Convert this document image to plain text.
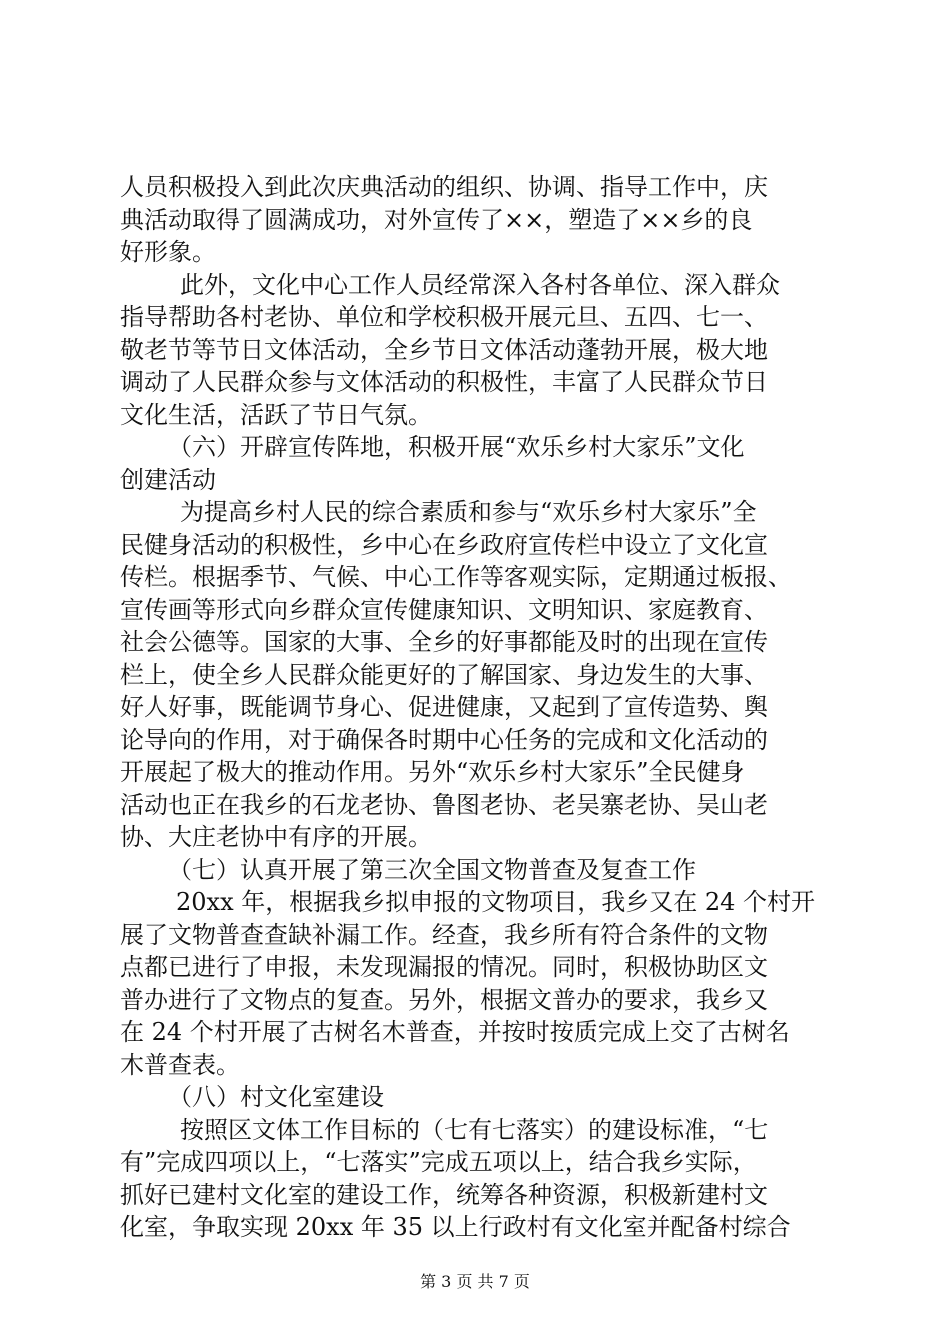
人员积极投入到此次庆典活动的组织、协调、指导工作中，庆
典活动取得了圆满成功，对外宣传了××，塑造了××乡的良
好形象。
此外，文化中心工作人员经常深入各村各单位、深入群众
指导帮助各村老协、单位和学校积极开展元旦、五四、七一、
敬老节等节日文体活动，全乡节日文体活动蓬勃开展，极大地
调动了人民群众参与文体活动的积极性，丰富了人民群众节日
文化生活，活跃了节日气氛。
（六）开辟宣传阵地，积极开展“欢乐乡村大家乐”文化
创建活动
为提高乡村人民的综合素质和参与“欢乐乡村大家乐”全
民健身活动的积极性，乡中心在乡政府宣传栏中设立了文化宣
传栏。根据季节、气候、中心工作等客观实际，定期通过板报、
宣传画等形式向乡群众宣传健康知识、文明知识、家庭教育、
社会公德等。国家的大事、全乡的好事都能及时的出现在宣传
栏上，使全乡人民群众能更好的了解国家、身边发生的大事、
好人好事，既能调节身心、促进健康，又起到了宣传造势、舆
论导向的作用，对于确保各时期中心任务的完成和文化活动的
开展起了极大的推动作用。另外“欢乐乡村大家乐”全民健身
活动也正在我乡的石龙老协、鲁图老协、老吴寨老协、吴山老
协、大庄老协中有序的开展。
（七）认真开展了第三次全国文物普查及复查工作
20xx 年，根据我乡拟申报的文物项目，我乡又在 24 个村开
展了文物普查查缺补漏工作。经查，我乡所有符合条件的文物
点都已进行了申报，未发现漏报的情况。同时，积极协助区文
普办进行了文物点的复查。另外，根据文普办的要求，我乡又
在 24 个村开展了古树名木普查，并按时按质完成上交了古树名
木普查表。
（八）村文化室建设
按照区文体工作目标的（七有七落实）的建设标准，“七
有”完成四项以上，“七落实”完成五项以上，结合我乡实际，
抓好已建村文化室的建设工作，统筹各种资源，积极新建村文
化室，争取实现 20xx 年 35 以上行政村有文化室并配备村综合
第 3 页 共 7 页
